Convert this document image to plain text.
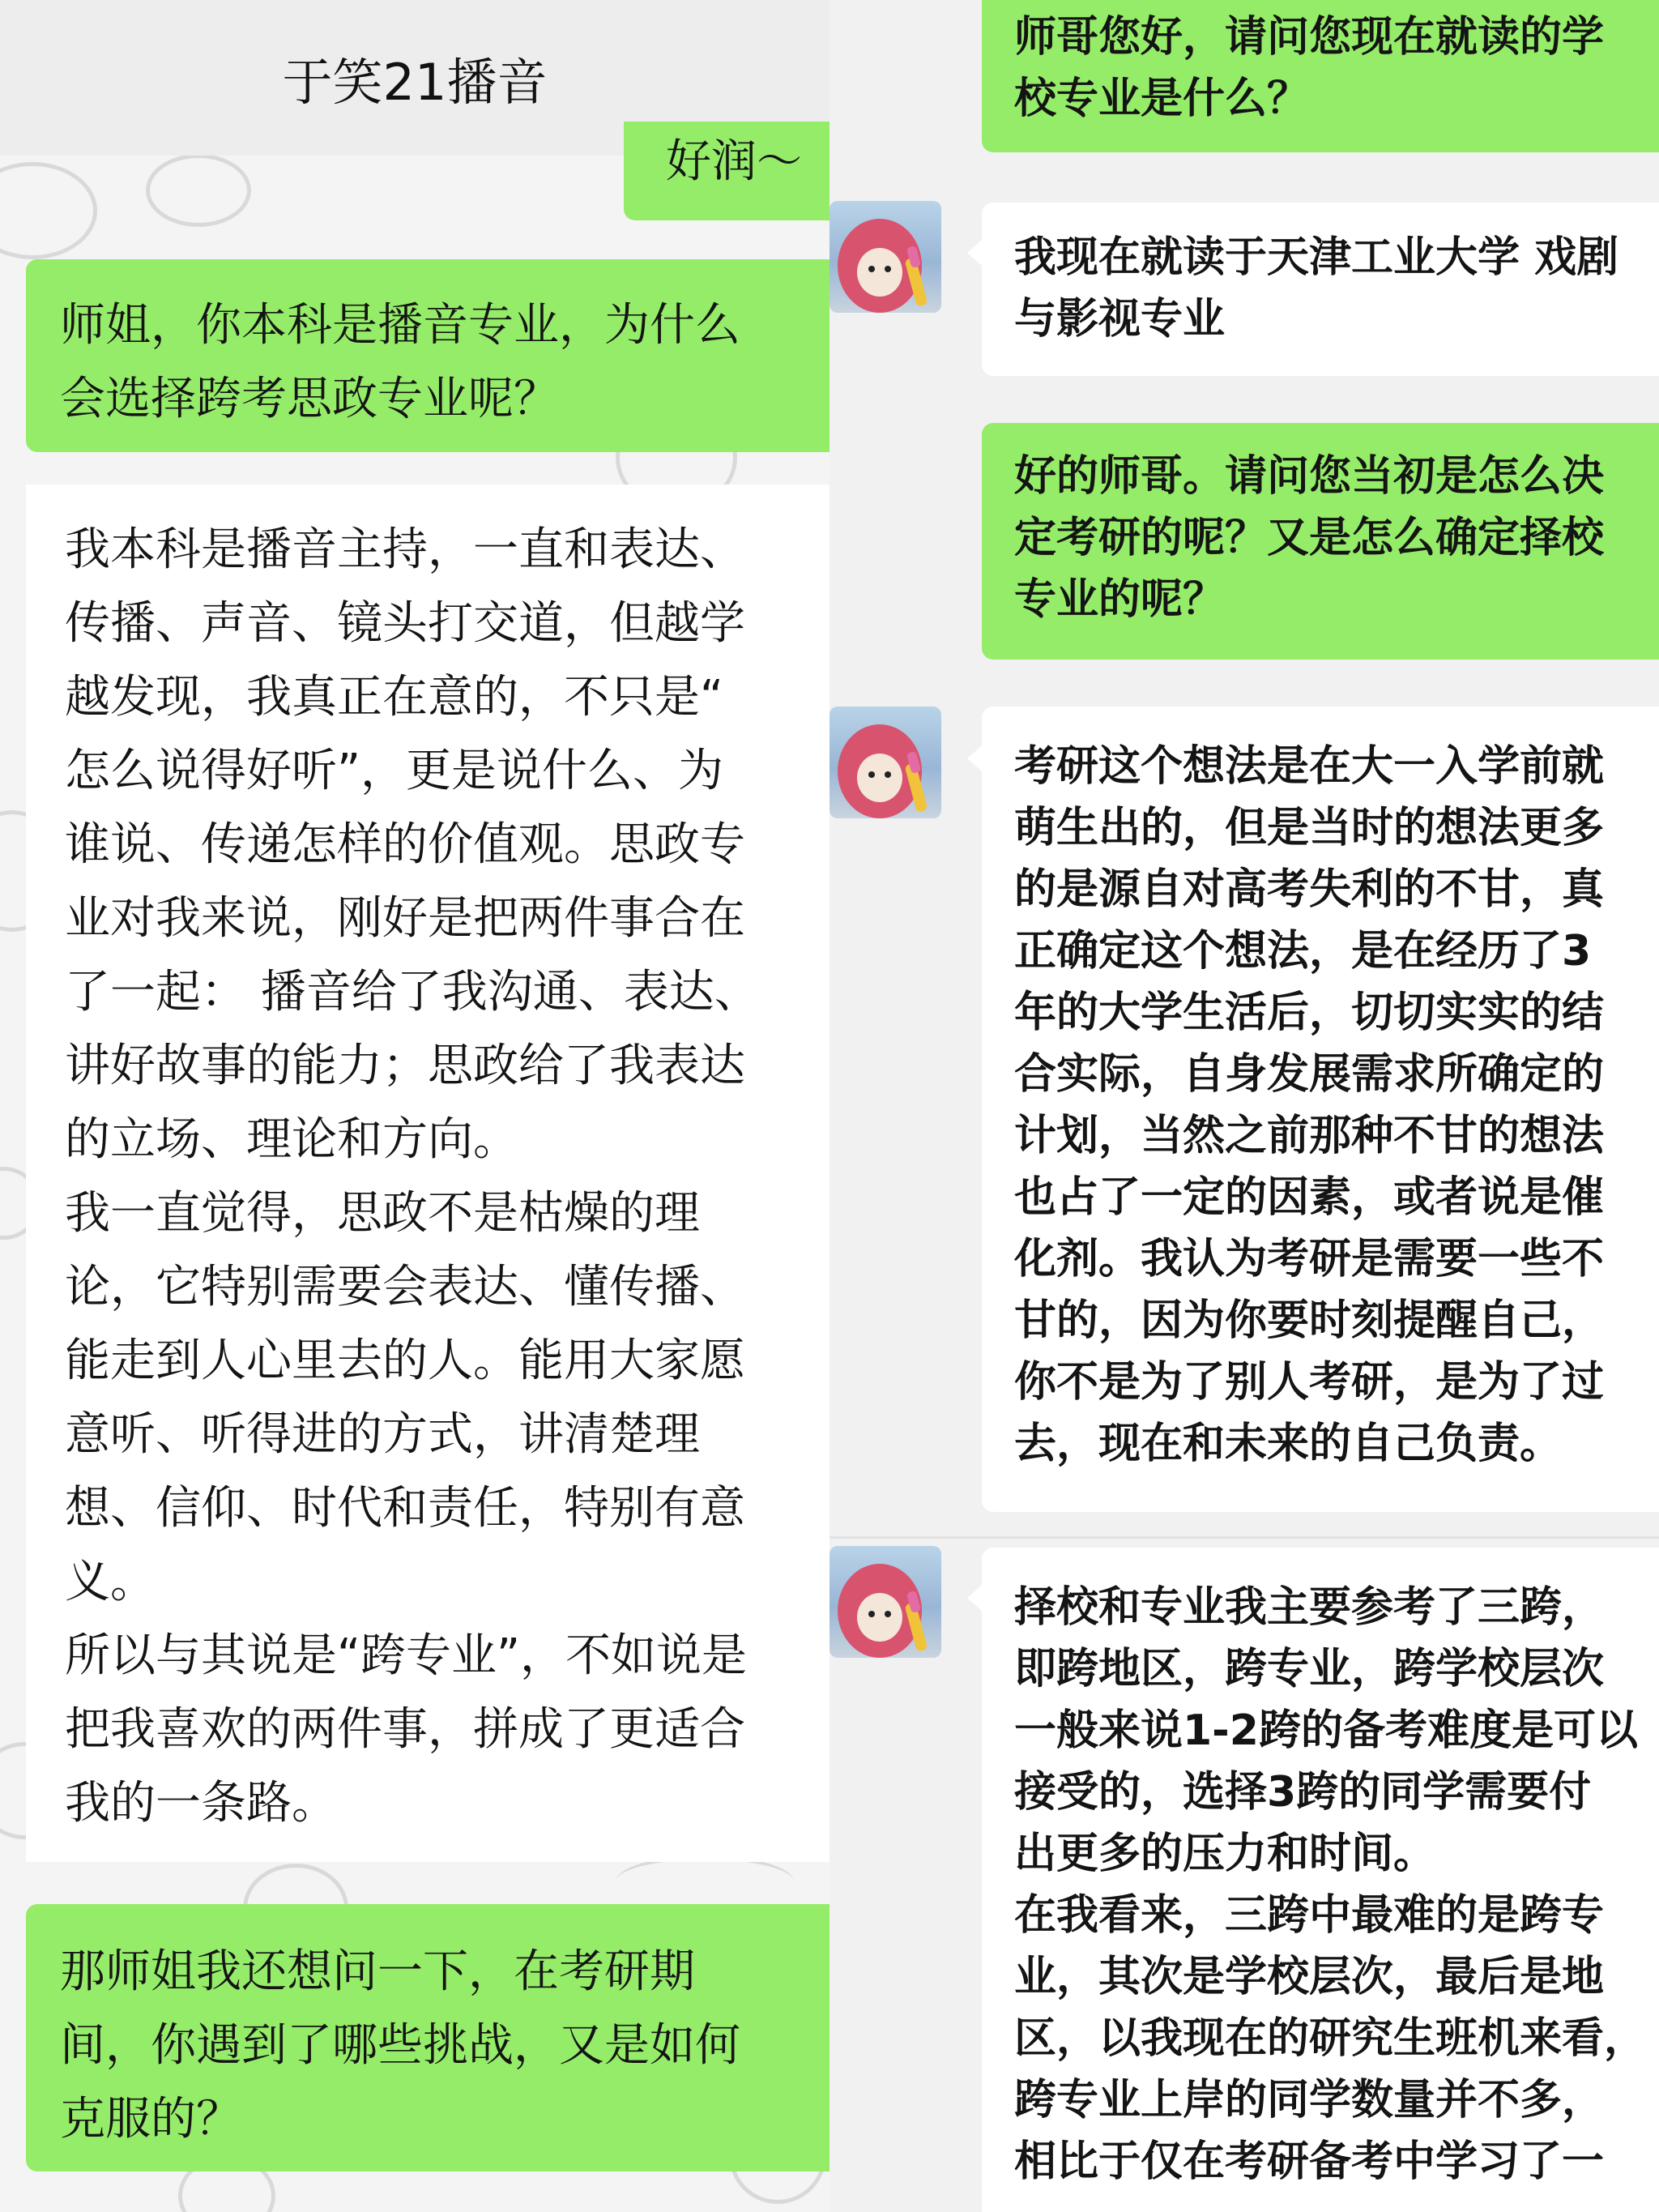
于笑21播音
好润～
师姐，你本科是播音专业，为什么
会选择跨考思政专业呢？
我本科是播音主持，一直和表达、
传播、声音、镜头打交道，但越学
越发现，我真正在意的，不只是“
怎么说得好听”，更是说什么、为
谁说、传递怎样的价值观。思政专
业对我来说，刚好是把两件事合在
了一起： 播音给了我沟通、表达、
讲好故事的能力；思政给了我表达
的立场、理论和方向。
我一直觉得，思政不是枯燥的理
论，它特别需要会表达、懂传播、
能走到人心里去的人。能用大家愿
意听、听得进的方式，讲清楚理
想、信仰、时代和责任，特别有意
义。
所以与其说是“跨专业”，不如说是
把我喜欢的两件事，拼成了更适合
我的一条路。
那师姐我还想问一下，在考研期
间，你遇到了哪些挑战，又是如何
克服的？
师哥您好，请问您现在就读的学
校专业是什么？
我现在就读于天津工业大学 戏剧
与影视专业
好的师哥。请问您当初是怎么决
定考研的呢？又是怎么确定择校
专业的呢？
考研这个想法是在大一入学前就
萌生出的，但是当时的想法更多
的是源自对高考失利的不甘，真
正确定这个想法，是在经历了3
年的大学生活后，切切实实的结
合实际，自身发展需求所确定的
计划，当然之前那种不甘的想法
也占了一定的因素，或者说是催
化剂。我认为考研是需要一些不
甘的，因为你要时刻提醒自己，
你不是为了别人考研，是为了过
去，现在和未来的自己负责。
择校和专业我主要参考了三跨，
即跨地区，跨专业，跨学校层次
一般来说1-2跨的备考难度是可以
接受的，选择3跨的同学需要付
出更多的压力和时间。
在我看来，三跨中最难的是跨专
业，其次是学校层次，最后是地
区，以我现在的研究生班机来看，
跨专业上岸的同学数量并不多，
相比于仅在考研备考中学习了一
